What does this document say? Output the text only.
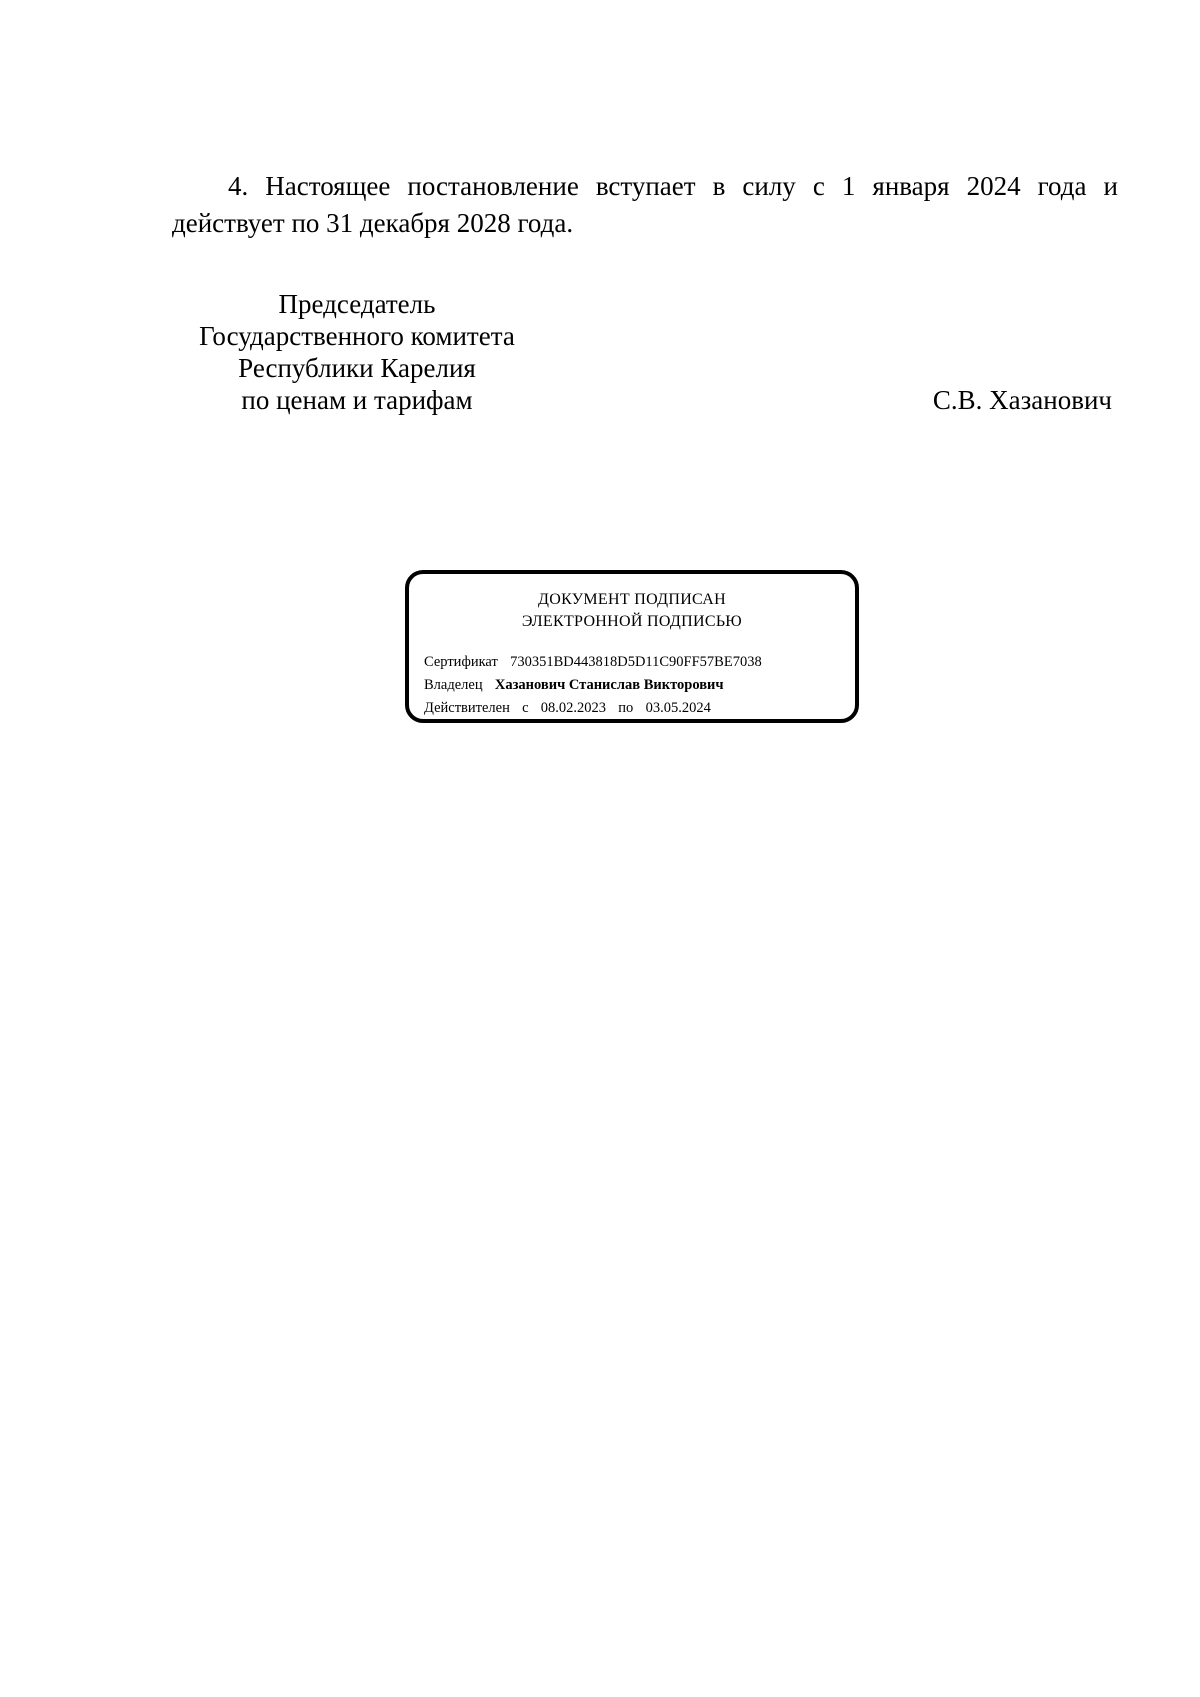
4. Настоящее постановление вступает в силу с 1 января 2024 года и действует по 31 декабря 2028 года.

Председатель
Государственного комитета
Республики Карелия
по ценам и тарифам	С.В. Хазанович
ДОКУМЕНТ ПОДПИСАН
ЭЛЕКТРОННОЙ ПОДПИСЬЮ
Сертификат 730351BD443818D5D11C90FF57BE7038
Владелец Хазанович Станислав Викторович
Действителен с 08.02.2023 по 03.05.2024
